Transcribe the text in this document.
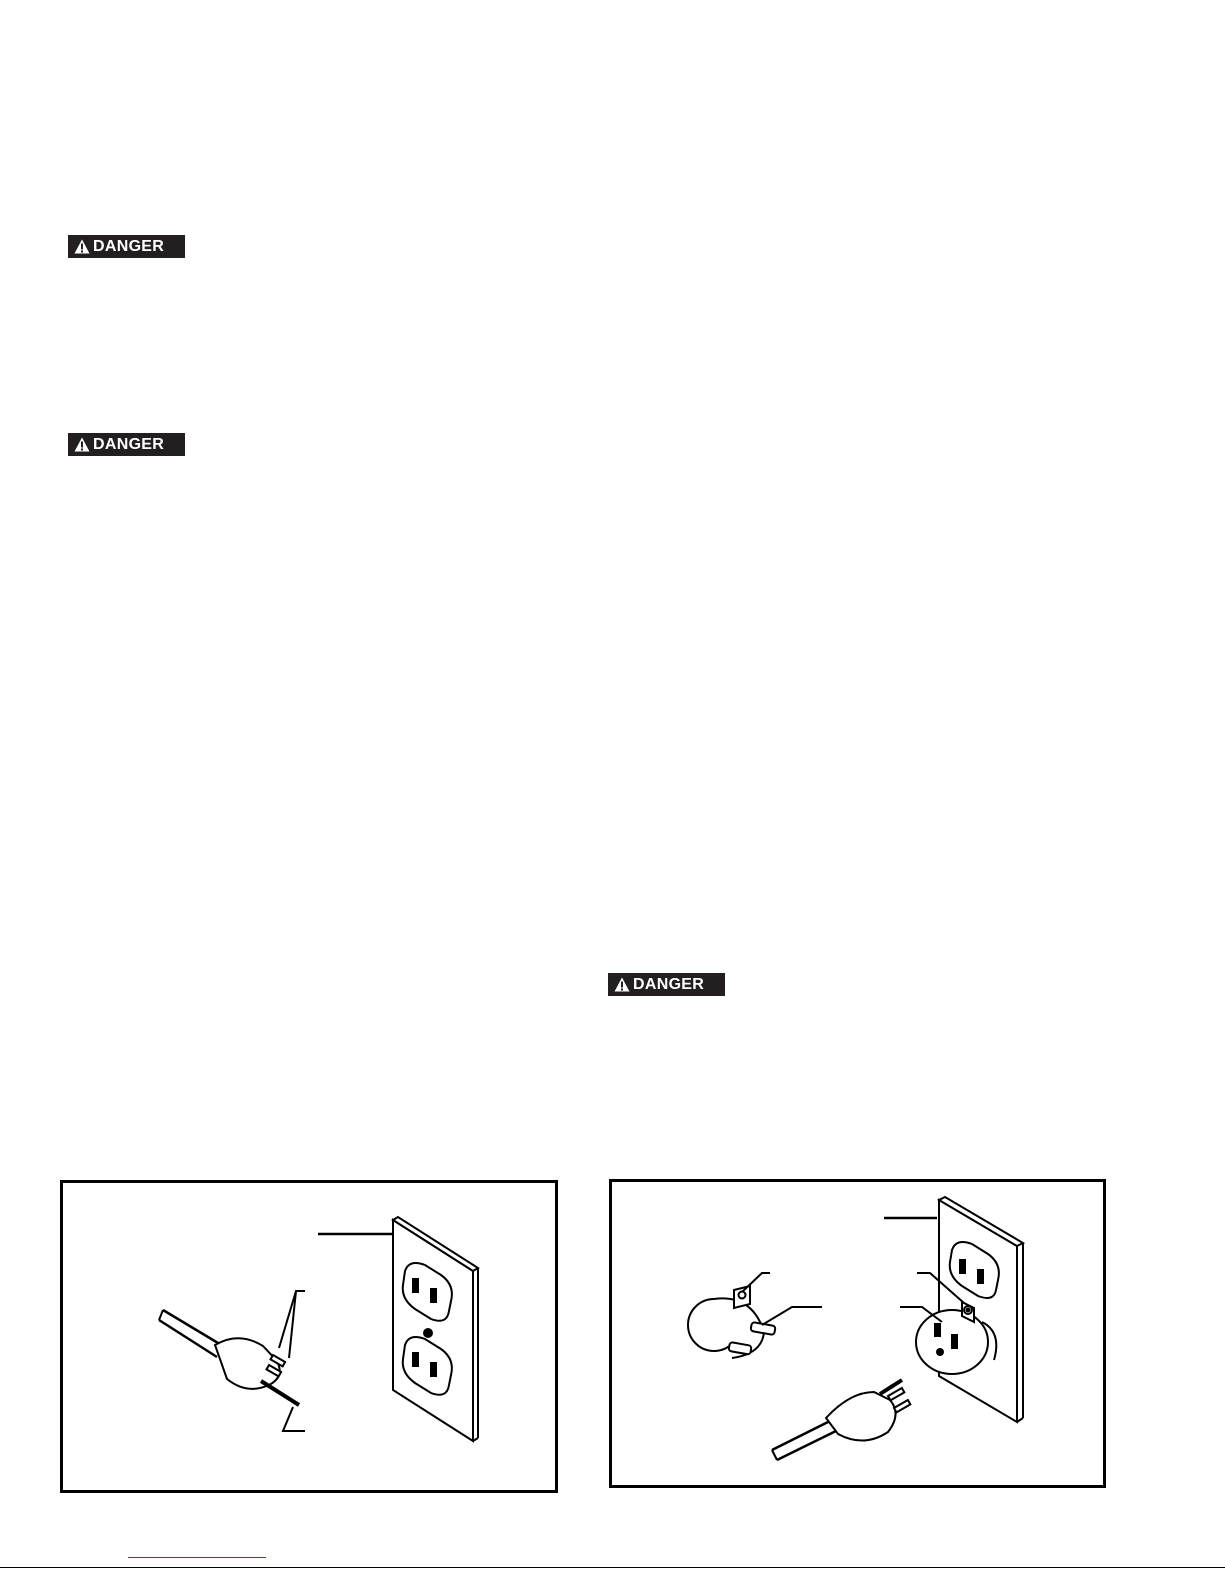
DANGER
DANGER
DANGER
